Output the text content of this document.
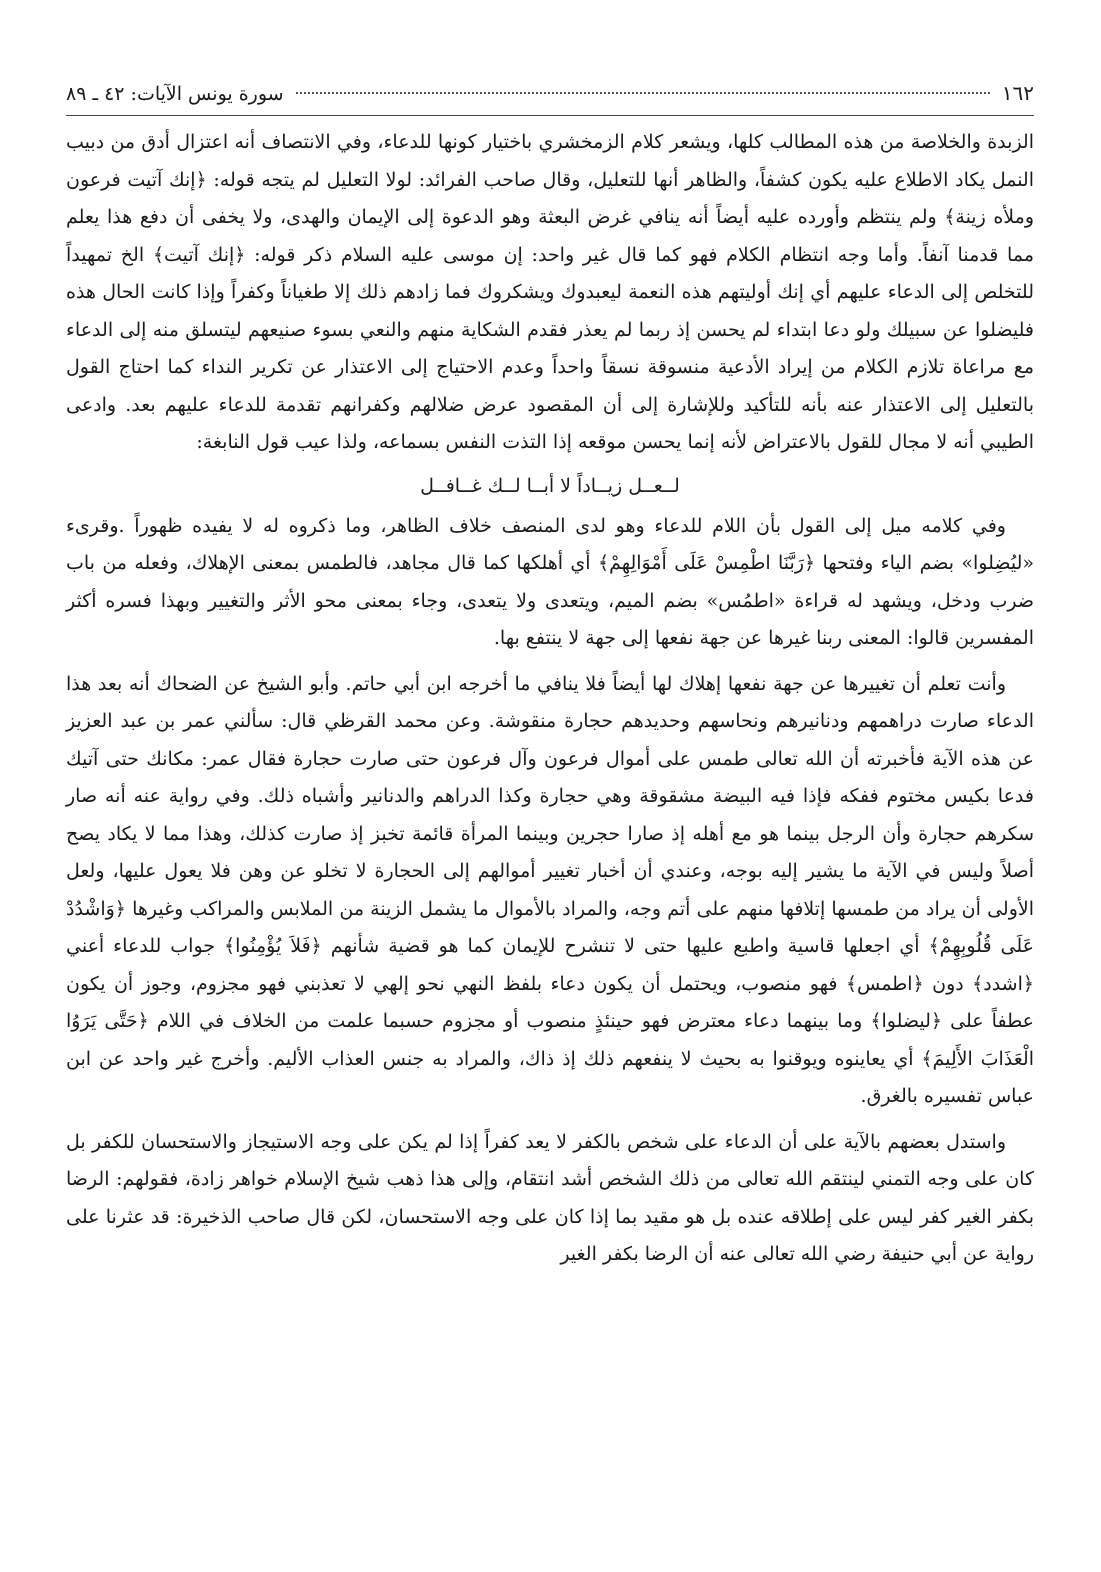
١٦٢
سورة يونس الآيات: ٤٢ ـ ٨٩

الزبدة والخلاصة من هذه المطالب كلها، ويشعر كلام الزمخشري باختيار كونها للدعاء، وفي الانتصاف أنه اعتزال أدق من دبيب النمل يكاد الاطلاع عليه يكون كشفاً، والظاهر أنها للتعليل، وقال صاحب الفرائد: لولا التعليل لم يتجه قوله: ﴿إنك آتيت فرعون وملأه زينة﴾ ولم ينتظم وأورده عليه أيضاً أنه ينافي غرض البعثة وهو الدعوة إلى الإيمان والهدى، ولا يخفى أن دفع هذا يعلم مما قدمنا آنفاً. وأما وجه انتظام الكلام فهو كما قال غير واحد: إن موسى عليه السلام ذكر قوله: ﴿إنك آتيت﴾ الخ تمهيداً للتخلص إلى الدعاء عليهم أي إنك أوليتهم هذه النعمة ليعبدوك ويشكروك فما زادهم ذلك إلا طغياناً وكفراً وإذا كانت الحال هذه فليضلوا عن سبيلك ولو دعا ابتداء لم يحسن إذ ربما لم يعذر فقدم الشكاية منهم والنعي بسوء صنيعهم ليتسلق منه إلى الدعاء مع مراعاة تلازم الكلام من إيراد الأدعية منسوقة نسقاً واحداً وعدم الاحتياج إلى الاعتذار عن تكرير النداء كما احتاج القول بالتعليل إلى الاعتذار عنه بأنه للتأكيد وللإشارة إلى أن المقصود عرض ضلالهم وكفرانهم تقدمة للدعاء عليهم بعد. وادعى الطيبي أنه لا مجال للقول بالاعتراض لأنه إنما يحسن موقعه إذا التذت النفس بسماعه، ولذا عيب قول النابغة:

لــعــل زيــاداً لا أبــا لــك غــافــل

وفي كلامه ميل إلى القول بأن اللام للدعاء وهو لدى المنصف خلاف الظاهر، وما ذكروه له لا يفيده ظهوراً .وقرىء «ليُضِلوا» بضم الياء وفتحها ﴿رَبَّنَا اطْمِسْ عَلَى أَمْوَالِهِمْ﴾ أي أهلكها كما قال مجاهد، فالطمس بمعنى الإهلاك، وفعله من باب ضرب ودخل، ويشهد له قراءة «اطمُس» بضم الميم، ويتعدى ولا يتعدى، وجاء بمعنى محو الأثر والتغيير وبهذا فسره أكثر المفسرين قالوا: المعنى ربنا غيرها عن جهة نفعها إلى جهة لا ينتفع بها.

وأنت تعلم أن تغييرها عن جهة نفعها إهلاك لها أيضاً فلا ينافي ما أخرجه ابن أبي حاتم. وأبو الشيخ عن الضحاك أنه بعد هذا الدعاء صارت دراهمهم ودنانيرهم ونحاسهم وحديدهم حجارة منقوشة. وعن محمد القرظي قال: سألني عمر بن عبد العزيز عن هذه الآية فأخبرته أن الله تعالى طمس على أموال فرعون وآل فرعون حتى صارت حجارة فقال عمر: مكانك حتى آتيك فدعا بكيس مختوم ففكه فإذا فيه البيضة مشقوقة وهي حجارة وكذا الدراهم والدنانير وأشباه ذلك. وفي رواية عنه أنه صار سكرهم حجارة وأن الرجل بينما هو مع أهله إذ صارا حجرين وبينما المرأة قائمة تخبز إذ صارت كذلك، وهذا مما لا يكاد يصح أصلاً وليس في الآية ما يشير إليه بوجه، وعندي أن أخبار تغيير أموالهم إلى الحجارة لا تخلو عن وهن فلا يعول عليها، ولعل الأولى أن يراد من طمسها إتلافها منهم على أتم وجه، والمراد بالأموال ما يشمل الزينة من الملابس والمراكب وغيرها ﴿وَاشْدُدْ عَلَى قُلُوبِهِمْ﴾ أي اجعلها قاسية واطبع عليها حتى لا تنشرح للإيمان كما هو قضية شأنهم ﴿فَلاَ يُؤْمِنُوا﴾ جواب للدعاء أعني ﴿اشدد﴾ دون ﴿اطمس﴾ فهو منصوب، ويحتمل أن يكون دعاء بلفظ النهي نحو إلهي لا تعذبني فهو مجزوم، وجوز أن يكون عطفاً على ﴿ليضلوا﴾ وما بينهما دعاء معترض فهو حينئذٍ منصوب أو مجزوم حسبما علمت من الخلاف في اللام ﴿حَتَّى يَرَوُا الْعَذَابَ الأَلِيمَ﴾ أي يعاينوه ويوقنوا به بحيث لا ينفعهم ذلك إذ ذاك، والمراد به جنس العذاب الأليم. وأخرج غير واحد عن ابن عباس تفسيره بالغرق.

واستدل بعضهم بالآية على أن الدعاء على شخص بالكفر لا يعد كفراً إذا لم يكن على وجه الاستيجاز والاستحسان للكفر بل كان على وجه التمني لينتقم الله تعالى من ذلك الشخص أشد انتقام، وإلى هذا ذهب شيخ الإسلام خواهر زادة، فقولهم: الرضا بكفر الغير كفر ليس على إطلاقه عنده بل هو مقيد بما إذا كان على وجه الاستحسان، لكن قال صاحب الذخيرة: قد عثرنا على رواية عن أبي حنيفة رضي الله تعالى عنه أن الرضا بكفر الغير
